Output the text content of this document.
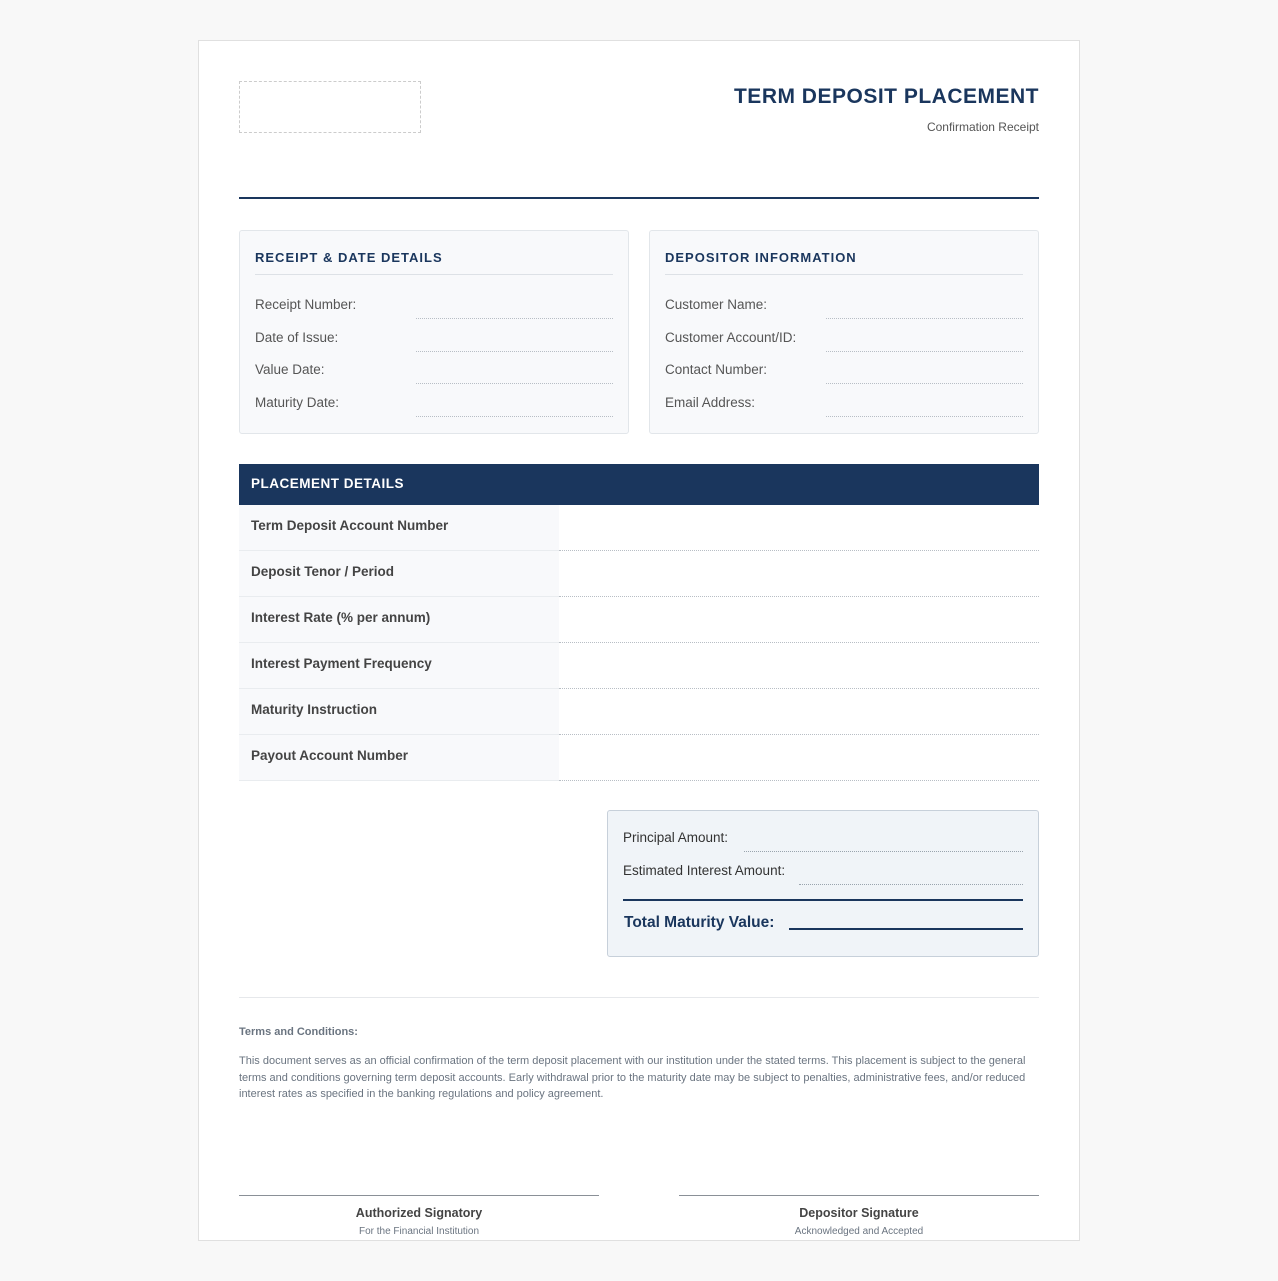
TERM DEPOSIT PLACEMENT
Confirmation Receipt
RECEIPT & DATE DETAILS
Receipt Number:
Date of Issue:
Value Date:
Maturity Date:
DEPOSITOR INFORMATION
Customer Name:
Customer Account/ID:
Contact Number:
Email Address:
PLACEMENT DETAILS
Term Deposit Account Number
Deposit Tenor / Period
Interest Rate (% per annum)
Interest Payment Frequency
Maturity Instruction
Payout Account Number
Principal Amount:
Estimated Interest Amount:
Total Maturity Value:
Terms and Conditions:
This document serves as an official confirmation of the term deposit placement with our institution under the stated terms. This placement is subject to the general terms and conditions governing term deposit accounts. Early withdrawal prior to the maturity date may be subject to penalties, administrative fees, and/or reduced interest rates as specified in the banking regulations and policy agreement.
Authorized Signatory
For the Financial Institution
Depositor Signature
Acknowledged and Accepted
